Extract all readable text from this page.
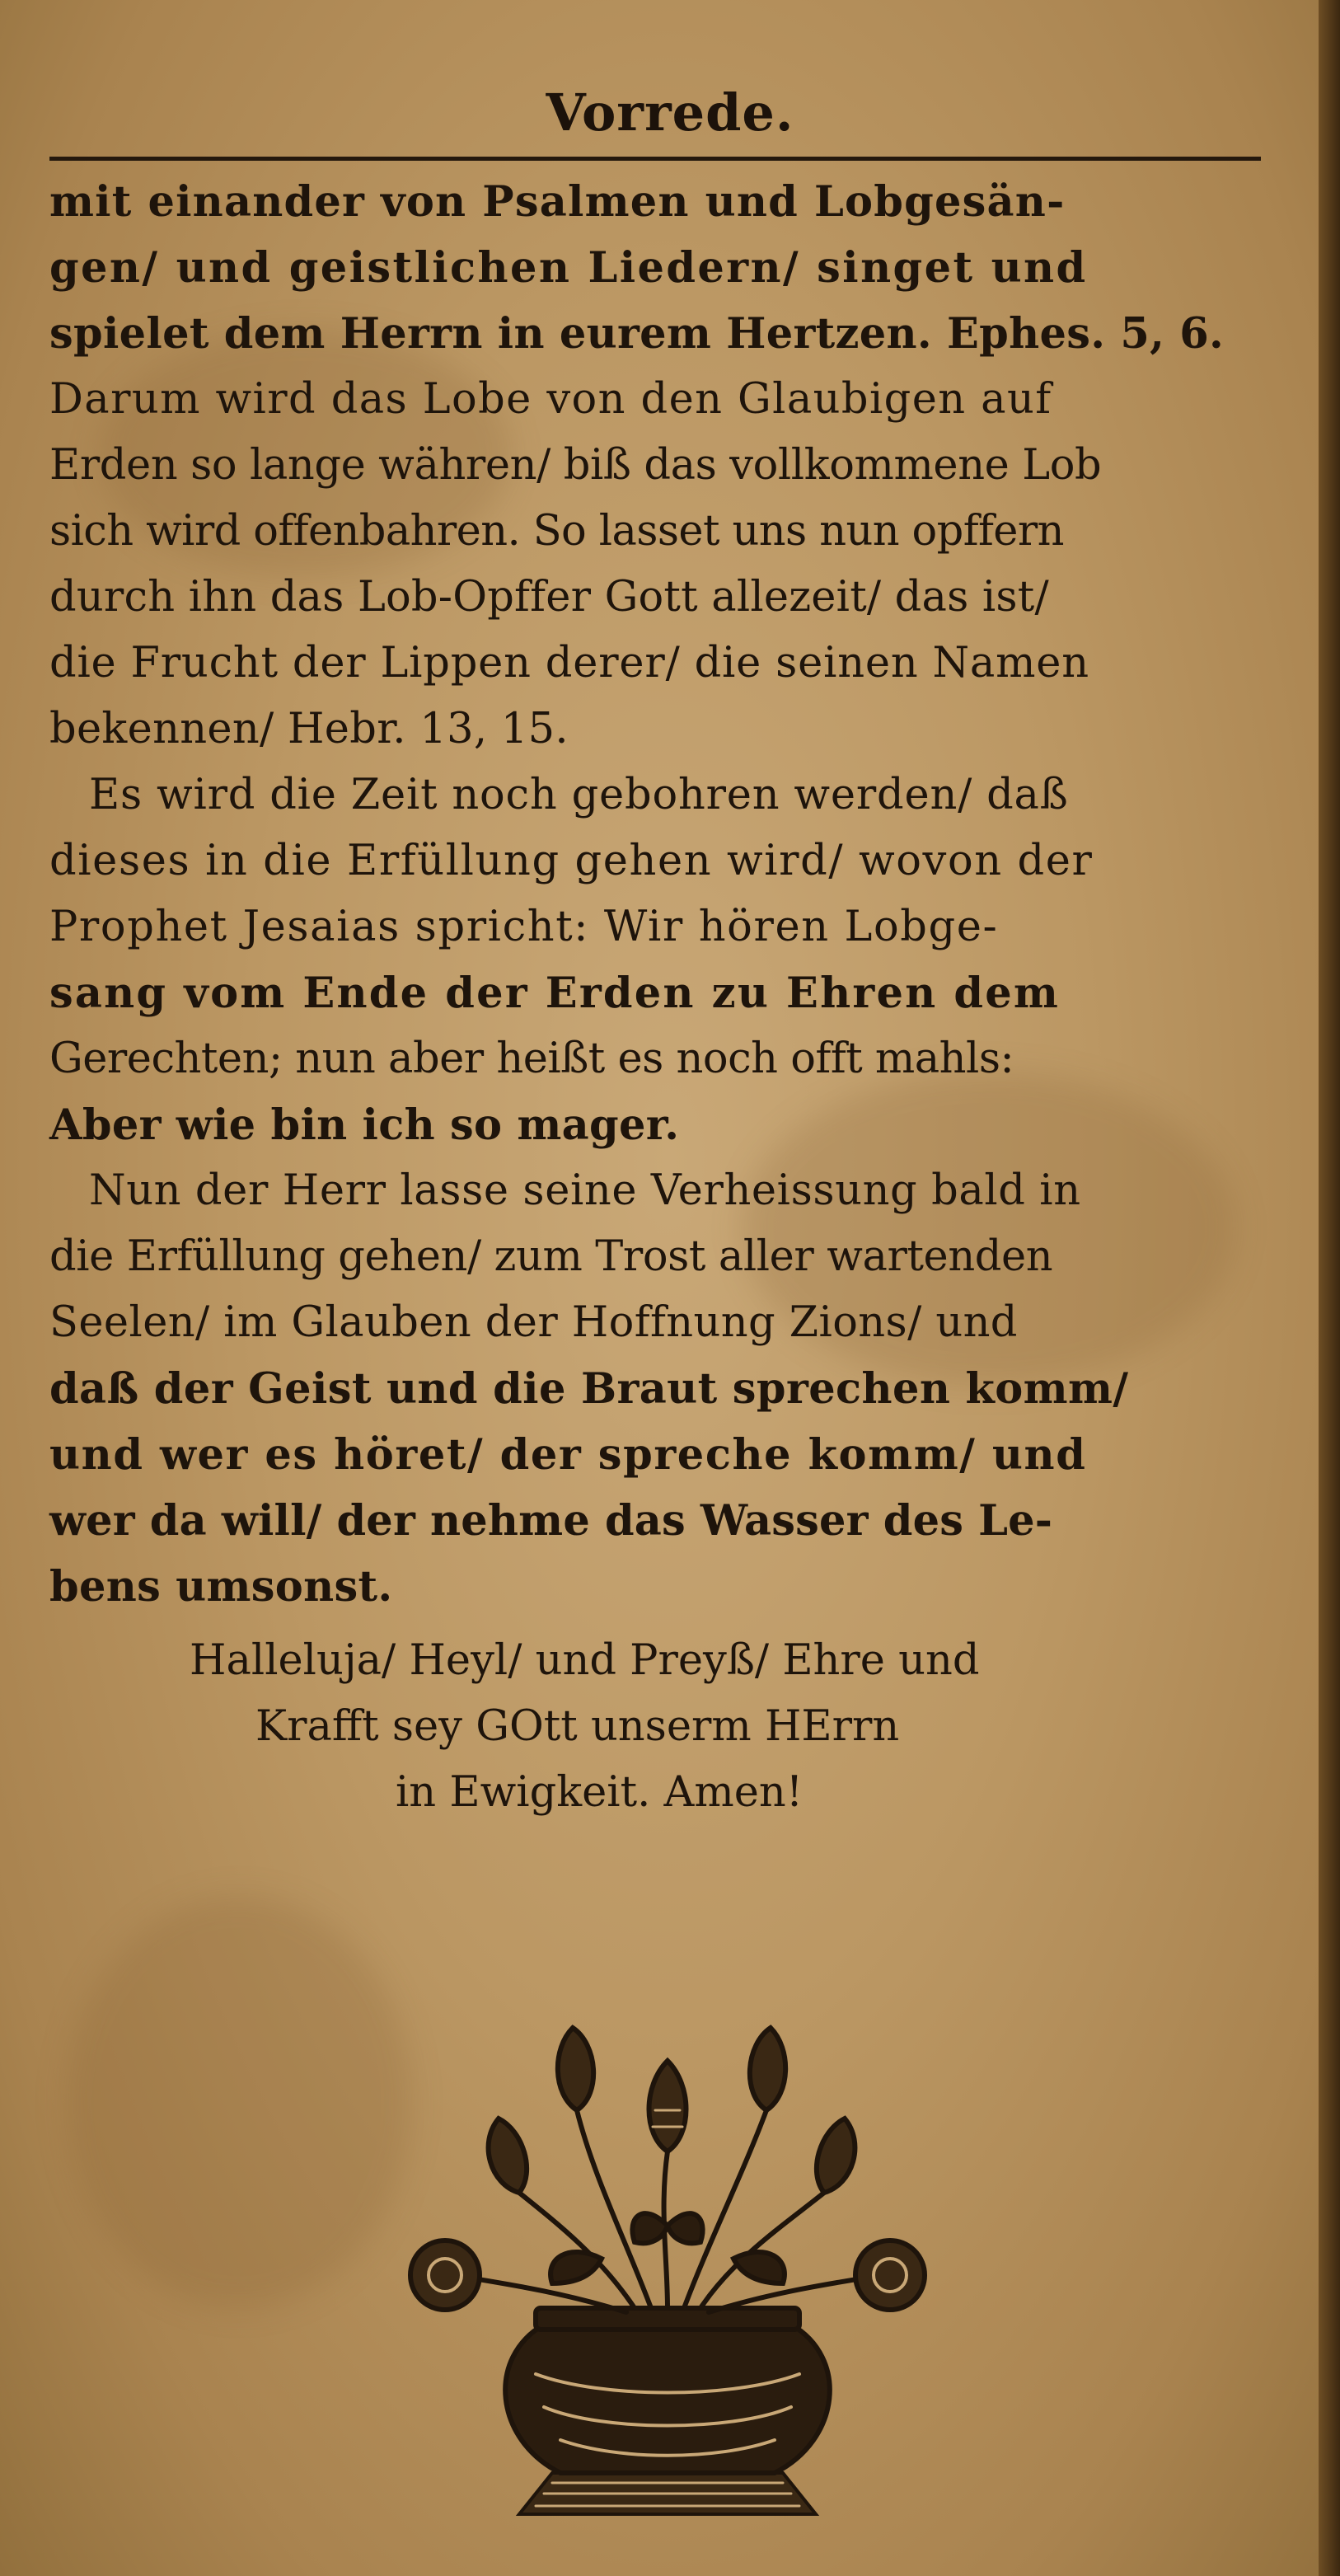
Vorrede.
mit einander von Psalmen und Lobgesän-
gen/ und geistlichen Liedern/ singet und
spielet dem Herrn in eurem Hertzen. Ephes. 5, 6.
Darum wird das Lobe von den Glaubigen auf
Erden so lange währen/ biß das vollkommene Lob
sich wird offenbahren. So lasset uns nun opffern
durch ihn das Lob-Opffer Gott allezeit/ das ist/
die Frucht der Lippen derer/ die seinen Namen
bekennen/ Hebr. 13, 15.
Es wird die Zeit noch gebohren werden/ daß
dieses in die Erfüllung gehen wird/ wovon der
Prophet Jesaias spricht: Wir hören Lobge-
sang vom Ende der Erden zu Ehren dem
Gerechten; nun aber heißt es noch offt mahls:
Aber wie bin ich so mager.
Nun der Herr lasse seine Verheissung bald in
die Erfüllung gehen/ zum Trost aller wartenden
Seelen/ im Glauben der Hoffnung Zions/ und
daß der Geist und die Braut sprechen komm/
und wer es höret/ der spreche komm/ und
wer da will/ der nehme das Wasser des Le-
bens umsonst.
Halleluja/ Heyl/ und Preyß/ Ehre und
Krafft sey GOtt unserm HErrn
in Ewigkeit. Amen!
